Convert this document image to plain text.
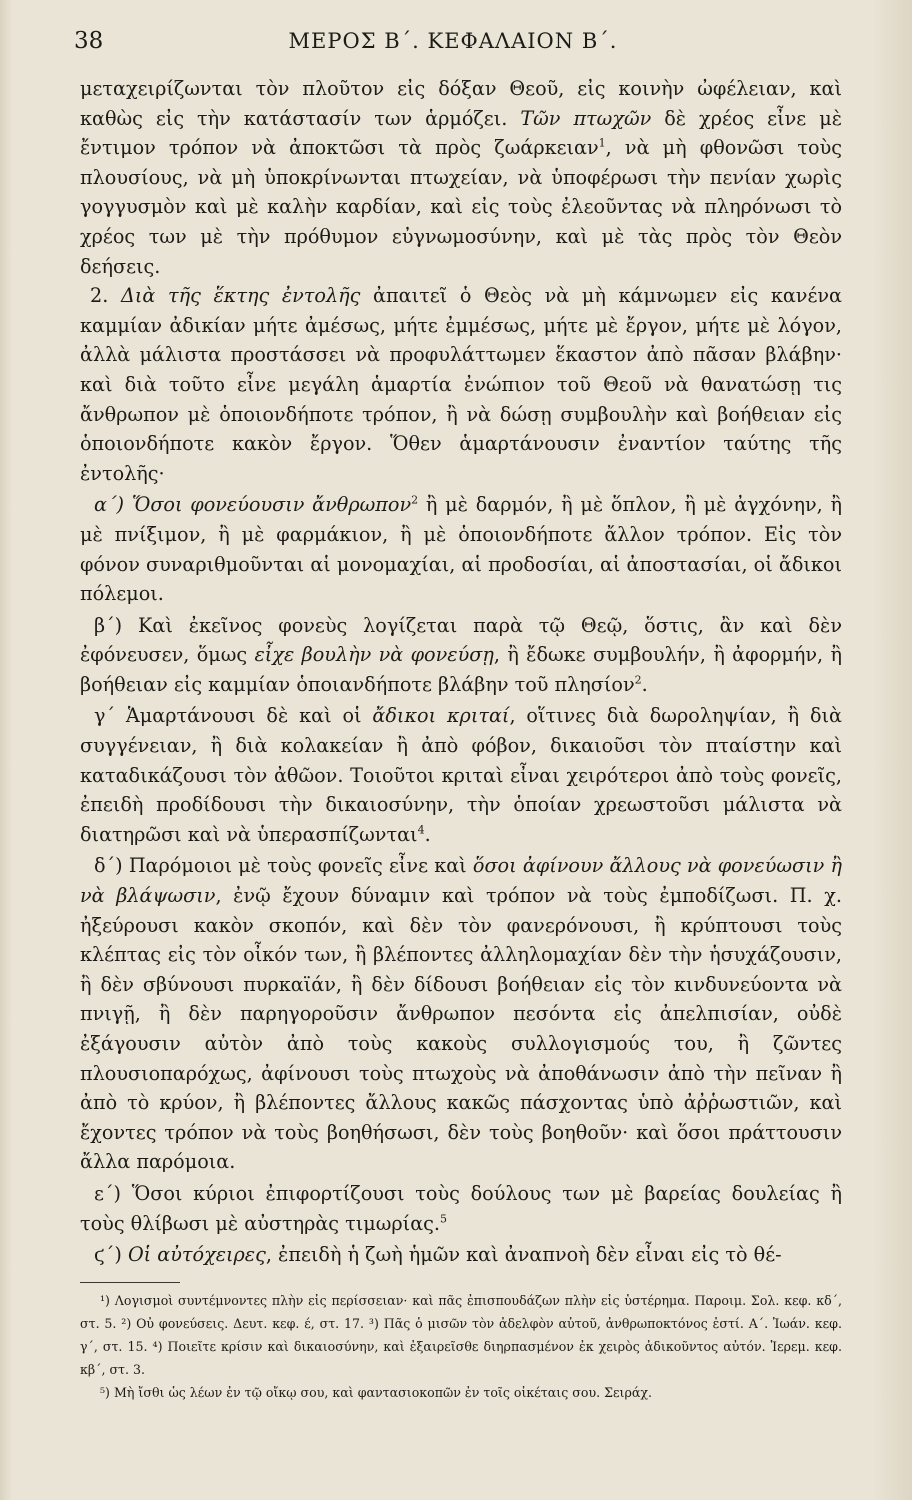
38	ΜΕΡΟΣ Β΄. ΚΕΦΑΛΑΙΟΝ Β΄.

μεταχειρίζωνται τὸν πλοῦτον εἰς δόξαν Θεοῦ, εἰς κοινὴν ὠφέλειαν, καὶ καθὼς εἰς τὴν κατάστασίν των ἁρμόζει. Τῶν πτωχῶν δὲ χρέος εἶνε μὲ ἔντιμον τρόπον νὰ ἀποκτῶσι τὰ πρὸς ζωάρκειαν$^1$, νὰ μὴ φθονῶσι τοὺς πλουσίους, νὰ μὴ ὑποκρίνωνται πτωχείαν, νὰ ὑποφέρωσι τὴν πενίαν χωρὶς γογγυσμὸν καὶ μὲ καλὴν καρδίαν, καὶ εἰς τοὺς ἐλεοῦντας νὰ πληρόνωσι τὸ χρέος των μὲ τὴν πρόθυμον εὐγνωμοσύνην, καὶ μὲ τὰς πρὸς τὸν Θεὸν δεήσεις.

2. Διὰ τῆς ἕκτης ἐντολῆς ἀπαιτεῖ ὁ Θεὸς νὰ μὴ κάμνωμεν εἰς κανένα καμμίαν ἀδικίαν μήτε ἀμέσως, μήτε ἐμμέσως, μήτε μὲ ἔργον, μήτε μὲ λόγον, ἀλλὰ μάλιστα προστάσσει νὰ προφυλάττωμεν ἕκαστον ἀπὸ πᾶσαν βλάβην· καὶ διὰ τοῦτο εἶνε μεγάλη ἁμαρτία ἐνώπιον τοῦ Θεοῦ νὰ θανατώσῃ τις ἄνθρωπον μὲ ὁποιονδήποτε τρόπον, ἢ νὰ δώσῃ συμβουλὴν καὶ βοήθειαν εἰς ὁποιονδήποτε κακὸν ἔργον. Ὅθεν ἁμαρτάνουσιν ἐναντίον ταύτης τῆς ἐντολῆς·

α΄) Ὅσοι φονεύουσιν ἄνθρωπον$^2$ ἢ μὲ δαρμόν, ἢ μὲ ὅπλον, ἢ μὲ ἀγχόνην, ἢ μὲ πνίξιμον, ἢ μὲ φαρμάκιον, ἢ μὲ ὁποιονδήποτε ἄλλον τρόπον. Εἰς τὸν φόνον συναριθμοῦνται αἱ μονομαχίαι, αἱ προδοσίαι, αἱ ἀποστασίαι, οἱ ἄδικοι πόλεμοι.

β΄) Καὶ ἐκεῖνος φονεὺς λογίζεται παρὰ τῷ Θεῷ, ὅστις, ἂν καὶ δὲν ἐφόνευσεν, ὅμως εἶχε βουλὴν νὰ φονεύσῃ, ἢ ἔδωκε συμβουλήν, ἢ ἀφορμήν, ἢ βοήθειαν εἰς καμμίαν ὁποιανδήποτε βλάβην τοῦ πλησίον$^2$.

γ΄ Ἁμαρτάνουσι δὲ καὶ οἱ ἄδικοι κριταί, οἵτινες διὰ δωροληψίαν, ἢ διὰ συγγένειαν, ἢ διὰ κολακείαν ἢ ἀπὸ φόβον, δικαιοῦσι τὸν πταίστην καὶ καταδικάζουσι τὸν ἀθῶον. Τοιοῦτοι κριταὶ εἶναι χειρότεροι ἀπὸ τοὺς φονεῖς, ἐπειδὴ προδίδουσι τὴν δικαιοσύνην, τὴν ὁποίαν χρεωστοῦσι μάλιστα νὰ διατηρῶσι καὶ νὰ ὑπερασπίζωνται$^4$.

δ΄) Παρόμοιοι μὲ τοὺς φονεῖς εἶνε καὶ ὅσοι ἀφίνουν ἄλλους νὰ φονεύωσιν ἢ νὰ βλάψωσιν, ἐνῷ ἔχουν δύναμιν καὶ τρόπον νὰ τοὺς ἐμποδίζωσι. Π. χ. ἠξεύρουσι κακὸν σκοπόν, καὶ δὲν τὸν φανερόνουσι, ἢ κρύπτουσι τοὺς κλέπτας εἰς τὸν οἶκόν των, ἢ βλέποντες ἀλληλομαχίαν δὲν τὴν ἡσυχάζουσιν, ἢ δὲν σβύνουσι πυρκαϊάν, ἢ δὲν δίδουσι βοήθειαν εἰς τὸν κινδυνεύοντα νὰ πνιγῇ, ἢ δὲν παρηγοροῦσιν ἄνθρωπον πεσόντα εἰς ἀπελπισίαν, οὐδὲ ἐξάγουσιν αὐτὸν ἀπὸ τοὺς κακοὺς συλλογισμούς του, ἢ ζῶντες πλουσιοπαρόχως, ἀφίνουσι τοὺς πτωχοὺς νὰ ἀποθάνωσιν ἀπὸ τὴν πεῖναν ἢ ἀπὸ τὸ κρύον, ἢ βλέποντες ἄλλους κακῶς πάσχοντας ὑπὸ ἀῤῥωστιῶν, καὶ ἔχοντες τρόπον νὰ τοὺς βοηθήσωσι, δὲν τοὺς βοηθοῦν· καὶ ὅσοι πράττουσιν ἄλλα παρόμοια.

ε΄) Ὅσοι κύριοι ἐπιφορτίζουσι τοὺς δούλους των μὲ βαρείας δουλείας ἢ τοὺς θλίβωσι μὲ αὐστηρὰς τιμωρίας.$^5$

ϛ΄) Οἱ αὐτόχειρες, ἐπειδὴ ἡ ζωὴ ἡμῶν καὶ ἀναπνοὴ δὲν εἶναι εἰς τὸ θέ-

¹) Λογισμοὶ συντέμνοντες πλὴν εἰς περίσσειαν· καὶ πᾶς ἐπισπουδάζων πλὴν εἰς ὑστέρημα. Παροιμ. Σολ. κεφ. κδ΄, στ. 5. ²) Οὐ φονεύσεις. Δευτ. κεφ. έ, στ. 17. ³) Πᾶς ὁ μισῶν τὸν ἀδελφὸν αὐτοῦ, ἀνθρωποκτόνος ἐστί. Α΄. Ἰωάν. κεφ. γ΄, στ. 15. ⁴) Ποιεῖτε κρίσιν καὶ δικαιοσύνην, καὶ ἐξαιρεῖσθε διηρπασμένον ἐκ χειρὸς ἀδικοῦντος αὐτόν. Ἱερεμ. κεφ. κβ΄, στ. 3.

⁵) Μὴ ἴσθι ὡς λέων ἐν τῷ οἴκῳ σου, καὶ φαντασιοκοπῶν ἐν τοῖς οἰκέταις σου. Σειράχ.
